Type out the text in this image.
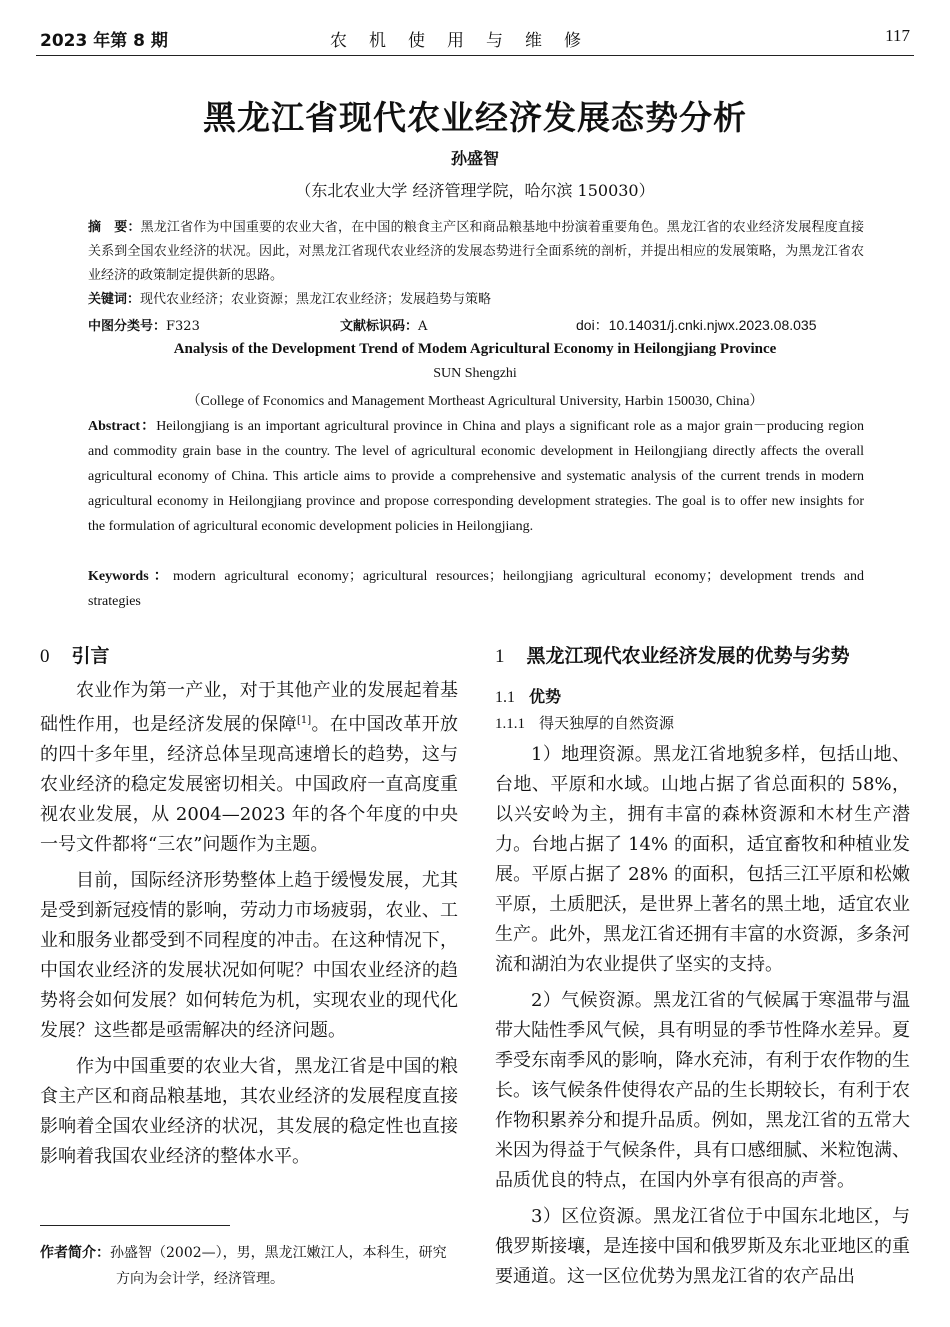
2023 年第 8 期	农机使用与维修	117
黑龙江省现代农业经济发展态势分析
孙盛智
（东北农业大学 经济管理学院，哈尔滨 150030）
摘　要：黑龙江省作为中国重要的农业大省，在中国的粮食主产区和商品粮基地中扮演着重要角色。黑龙江省的农业经济发展程度直接关系到全国农业经济的状况。因此，对黑龙江省现代农业经济的发展态势进行全面系统的剖析，并提出相应的发展策略，为黑龙江省农业经济的政策制定提供新的思路。
关键词：现代农业经济；农业资源；黑龙江农业经济；发展趋势与策略
中图分类号：F323	文献标识码：A	doi：10.14031/j.cnki.njwx.2023.08.035
Analysis of the Development Trend of Modem Agricultural Economy in Heilongjiang Province
SUN Shengzhi
（College of Fconomics and Management Mortheast Agricultural University, Harbin 150030, China）
Abstract：Heilongjiang is an important agricultural province in China and plays a significant role as a major grain－producing region and commodity grain base in the country. The level of agricultural economic development in Heilongjiang directly affects the overall agricultural economy of China. This article aims to provide a comprehensive and systematic analysis of the current trends in modern agricultural economy in Heilongjiang province and propose corresponding development strategies. The goal is to offer new insights for the formulation of agricultural economic development policies in Heilongjiang.
Keywords：modern agricultural economy；agricultural resources；heilongjiang agricultural economy；development trends and strategies
0 引言

农业作为第一产业，对于其他产业的发展起着基础性作用，也是经济发展的保障[1]。在中国改革开放的四十多年里，经济总体呈现高速增长的趋势，这与农业经济的稳定发展密切相关。中国政府一直高度重视农业发展，从 2004—2023 年的各个年度的中央一号文件都将“三农”问题作为主题。

目前，国际经济形势整体上趋于缓慢发展，尤其是受到新冠疫情的影响，劳动力市场疲弱，农业、工业和服务业都受到不同程度的冲击。在这种情况下，中国农业经济的发展状况如何呢？中国农业经济的趋势将会如何发展？如何转危为机，实现农业的现代化发展？这些都是亟需解决的经济问题。

作为中国重要的农业大省，黑龙江省是中国的粮食主产区和商品粮基地，其农业经济的发展程度直接影响着全国农业经济的状况，其发展的稳定性也直接影响着我国农业经济的整体水平。

作者简介：孙盛智（2002—），男，黑龙江嫩江人，本科生，研究
方向为会计学，经济管理。
1 黑龙江现代农业经济发展的优势与劣势
1.1 优势
1.1.1 得天独厚的自然资源

1）地理资源。黑龙江省地貌多样，包括山地、台地、平原和水域。山地占据了省总面积的 58%，以兴安岭为主，拥有丰富的森林资源和木材生产潜力。台地占据了 14% 的面积，适宜畜牧和种植业发展。平原占据了 28% 的面积，包括三江平原和松嫩平原，土质肥沃，是世界上著名的黑土地，适宜农业生产。此外，黑龙江省还拥有丰富的水资源，多条河流和湖泊为农业提供了坚实的支持。

2）气候资源。黑龙江省的气候属于寒温带与温带大陆性季风气候，具有明显的季节性降水差异。夏季受东南季风的影响，降水充沛，有利于农作物的生长。该气候条件使得农产品的生长期较长，有利于农作物积累养分和提升品质。例如，黑龙江省的五常大米因为得益于气候条件，具有口感细腻、米粒饱满、品质优良的特点，在国内外享有很高的声誉。

3）区位资源。黑龙江省位于中国东北地区，与俄罗斯接壤，是连接中国和俄罗斯及东北亚地区的重要通道。这一区位优势为黑龙江省的农产品出
